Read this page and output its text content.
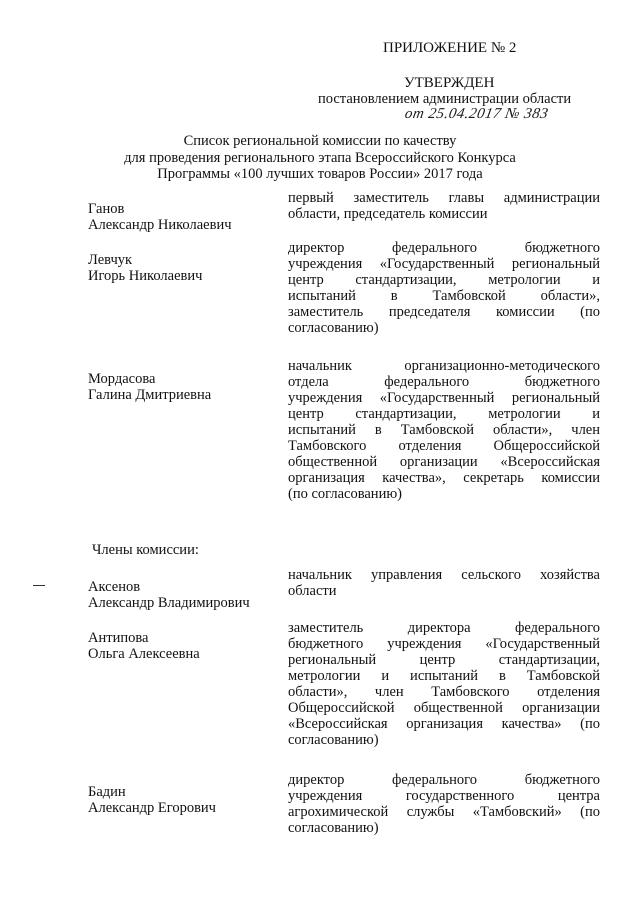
ПРИЛОЖЕНИЕ № 2
УТВЕРЖДЕН
постановлением администрации области
от 25.04.2017 № 383
Список региональной комиссии по качеству
для проведения регионального этапа Всероссийского Конкурса
Программы «100 лучших товаров России» 2017 года
Ганов
Александр Николаевич
первый заместитель главы администрации
области, председатель комиссии
Левчук
Игорь Николаевич
директор федерального бюджетного
учреждения «Государственный региональный
центр стандартизации, метрологии и
испытаний в Тамбовской области»,
заместитель председателя комиссии (по
согласованию)
Мордасова
Галина Дмитриевна
начальник организационно-методического
отдела федерального бюджетного
учреждения «Государственный региональный
центр стандартизации, метрологии и
испытаний в Тамбовской области», член
Тамбовского отделения Общероссийской
общественной организации «Всероссийская
организация качества», секретарь комиссии
(по согласованию)
Члены комиссии:
Аксенов
Александр Владимирович
начальник управления сельского хозяйства
области
Антипова
Ольга Алексеевна
заместитель директора федерального
бюджетного учреждения «Государственный
региональный центр стандартизации,
метрологии и испытаний в Тамбовской
области», член Тамбовского отделения
Общероссийской общественной организации
«Всероссийская организация качества» (по
согласованию)
Бадин
Александр Егорович
директор федерального бюджетного
учреждения государственного центра
агрохимической службы «Тамбовский» (по
согласованию)
